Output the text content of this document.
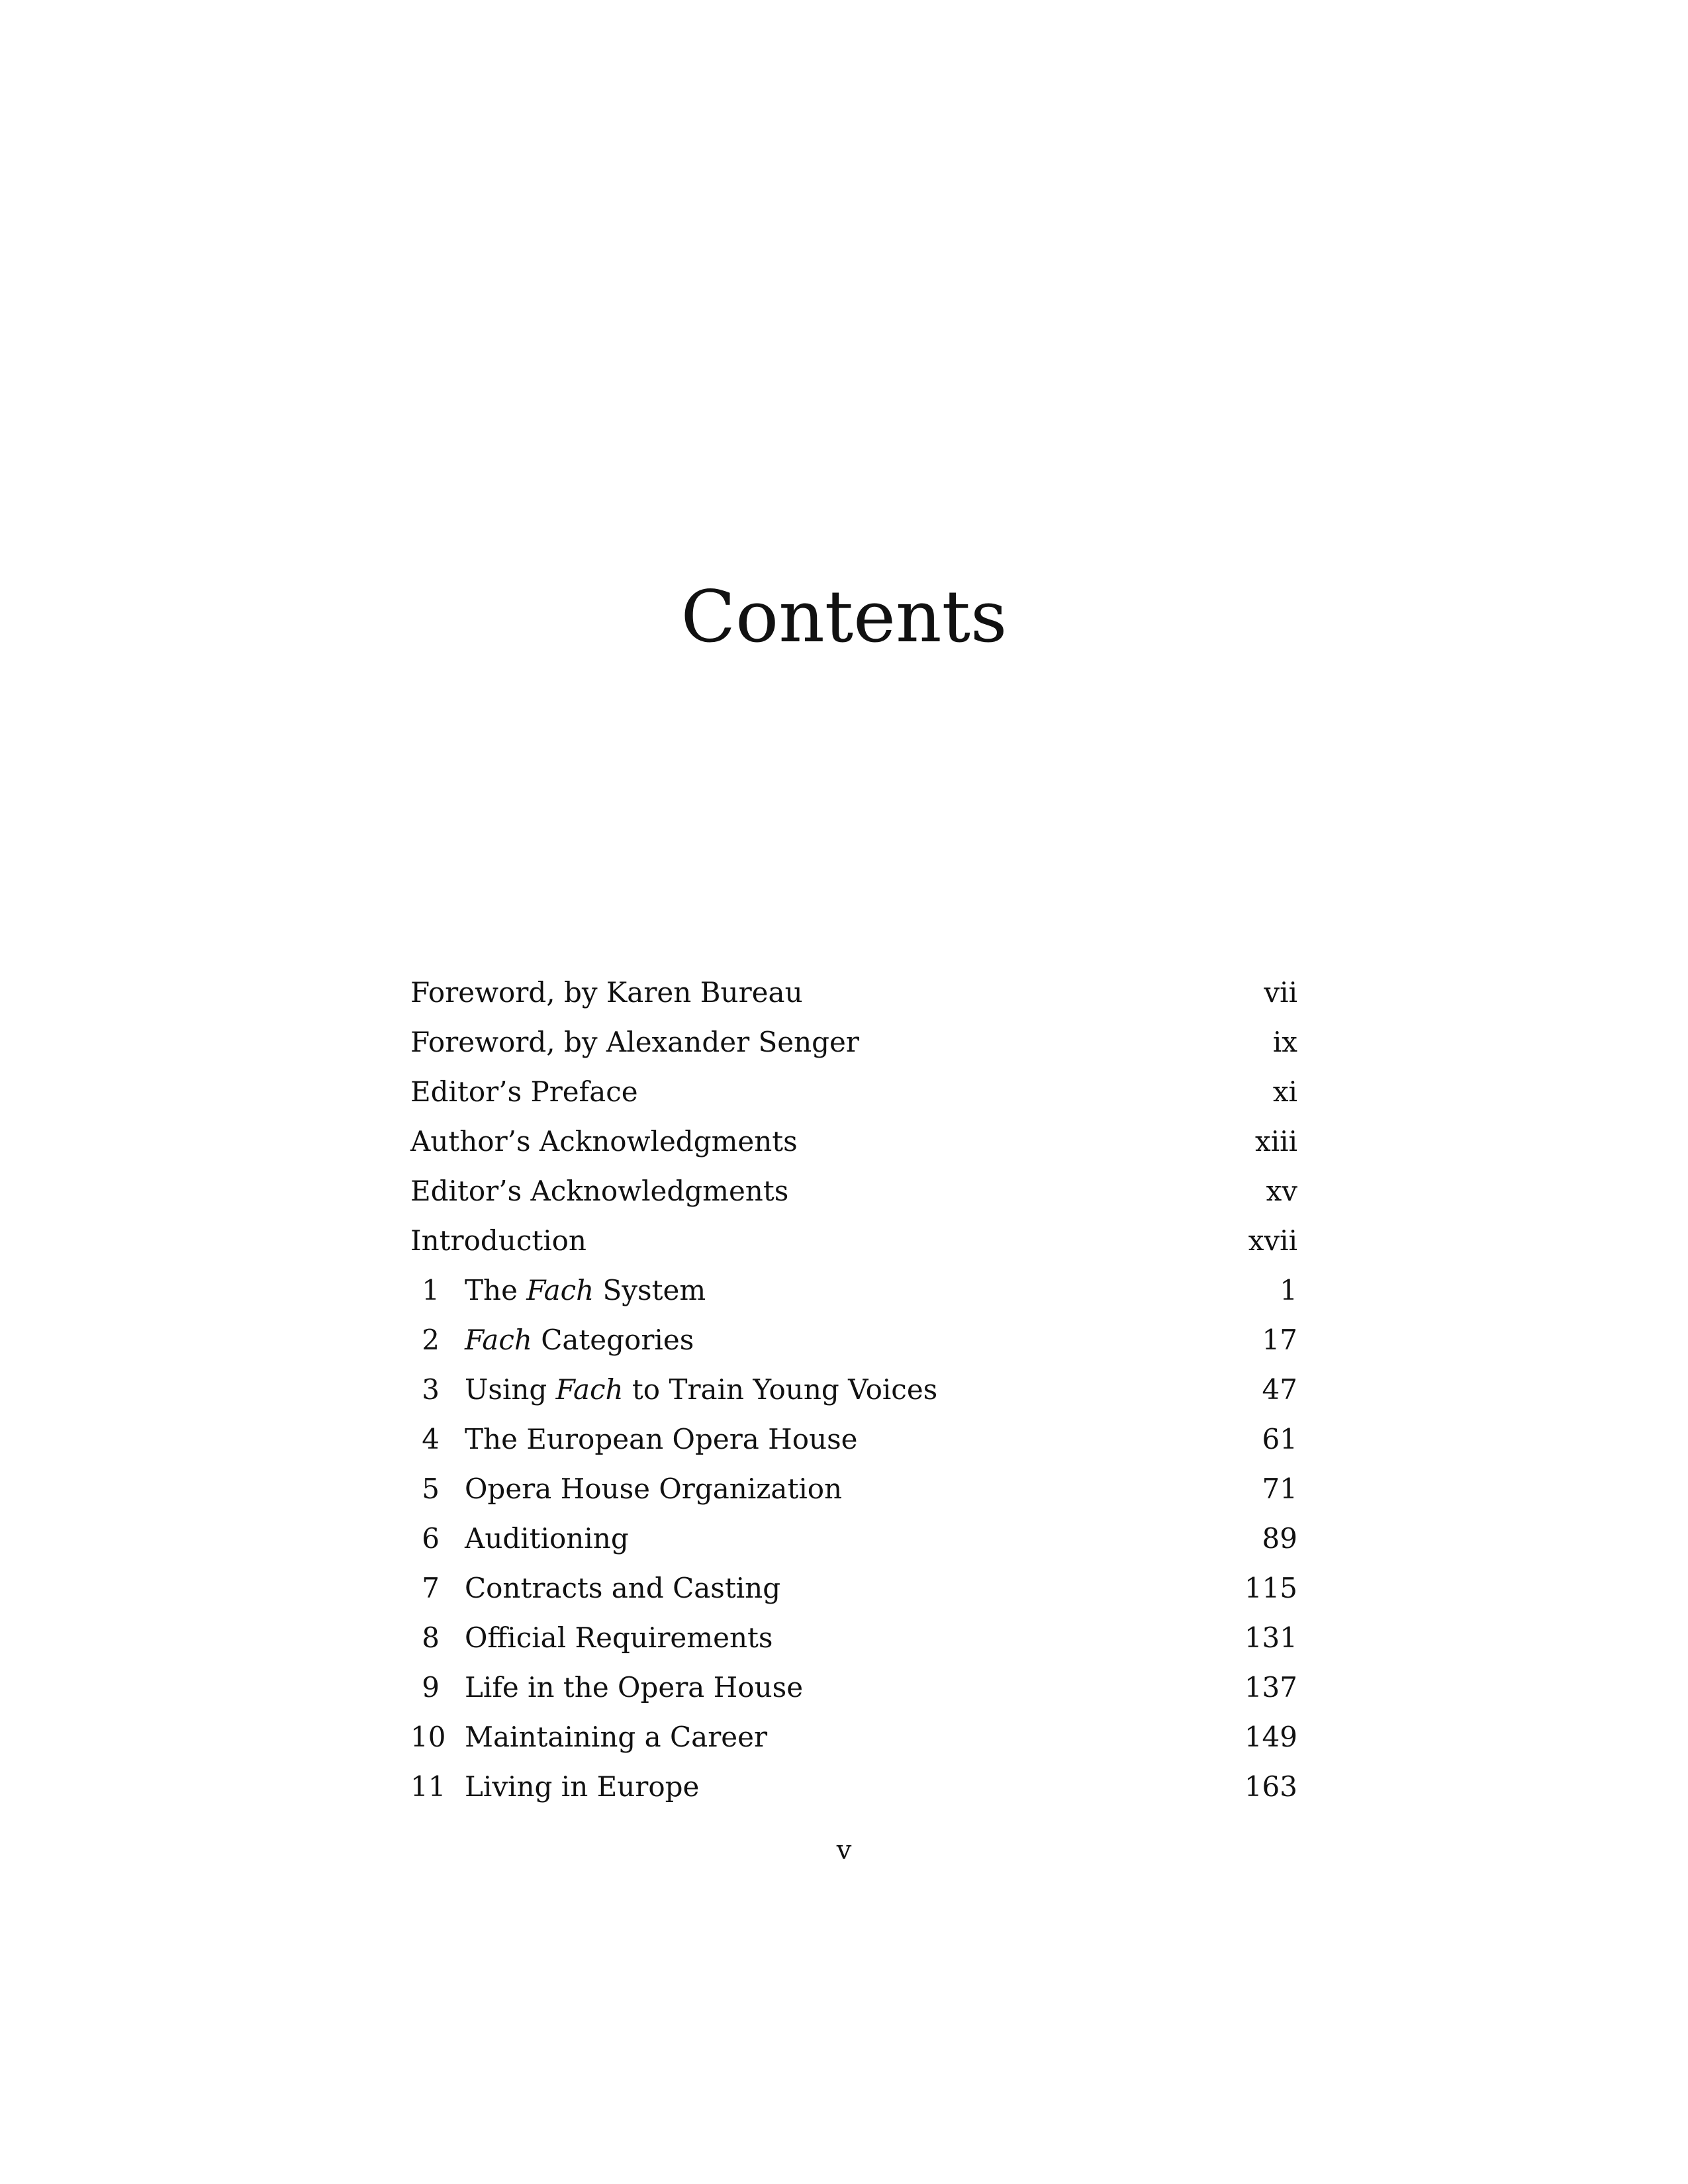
Contents
Foreword, by Karen Bureau	vii
Foreword, by Alexander Senger	ix
Editor’s Preface	xi
Author’s Acknowledgments	xiii
Editor’s Acknowledgments	xv
Introduction	xvii
1 The Fach System	1
2 Fach Categories	17
3 Using Fach to Train Young Voices	47
4 The European Opera House	61
5 Opera House Organization	71
6 Auditioning	89
7 Contracts and Casting	115
8 Official Requirements	131
9 Life in the Opera House	137
10 Maintaining a Career	149
11 Living in Europe	163
v
